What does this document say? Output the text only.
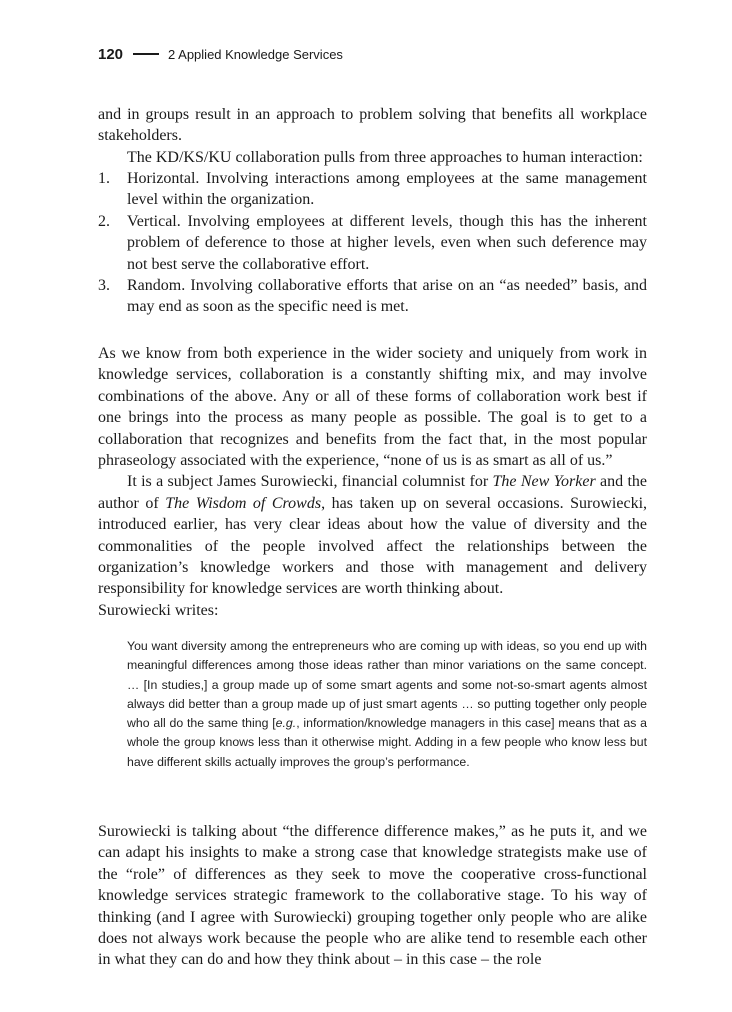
120	2 Applied Knowledge Services

and in groups result in an approach to problem solving that benefits all workplace stakeholders.

The KD/KS/KU collaboration pulls from three approaches to human interaction:

1. Horizontal. Involving interactions among employees at the same management level within the organization.
2. Vertical. Involving employees at different levels, though this has the inherent problem of deference to those at higher levels, even when such deference may not best serve the collaborative effort.
3. Random. Involving collaborative efforts that arise on an “as needed” basis, and may end as soon as the specific need is met.

As we know from both experience in the wider society and uniquely from work in knowledge services, collaboration is a constantly shifting mix, and may involve combinations of the above. Any or all of these forms of collaboration work best if one brings into the process as many people as possible. The goal is to get to a collaboration that recognizes and benefits from the fact that, in the most popular phraseology associated with the experience, “none of us is as smart as all of us.”

It is a subject James Surowiecki, financial columnist for The New Yorker and the author of The Wisdom of Crowds, has taken up on several occasions. Surowiecki, introduced earlier, has very clear ideas about how the value of diversity and the commonalities of the people involved affect the relationships between the organization’s knowledge workers and those with management and delivery responsibility for knowledge services are worth thinking about.

Surowiecki writes:

You want diversity among the entrepreneurs who are coming up with ideas, so you end up with meaningful differences among those ideas rather than minor variations on the same concept. … [In studies,] a group made up of some smart agents and some not-so-smart agents almost always did better than a group made up of just smart agents … so putting together only people who all do the same thing [e.g., information/knowledge managers in this case] means that as a whole the group knows less than it otherwise might. Adding in a few people who know less but have different skills actually improves the group’s performance.

Surowiecki is talking about “the difference difference makes,” as he puts it, and we can adapt his insights to make a strong case that knowledge strategists make use of the “role” of differences as they seek to move the cooperative cross-functional knowledge services strategic framework to the collaborative stage. To his way of thinking (and I agree with Surowiecki) grouping together only people who are alike does not always work because the people who are alike tend to resemble each other in what they can do and how they think about – in this case – the role
